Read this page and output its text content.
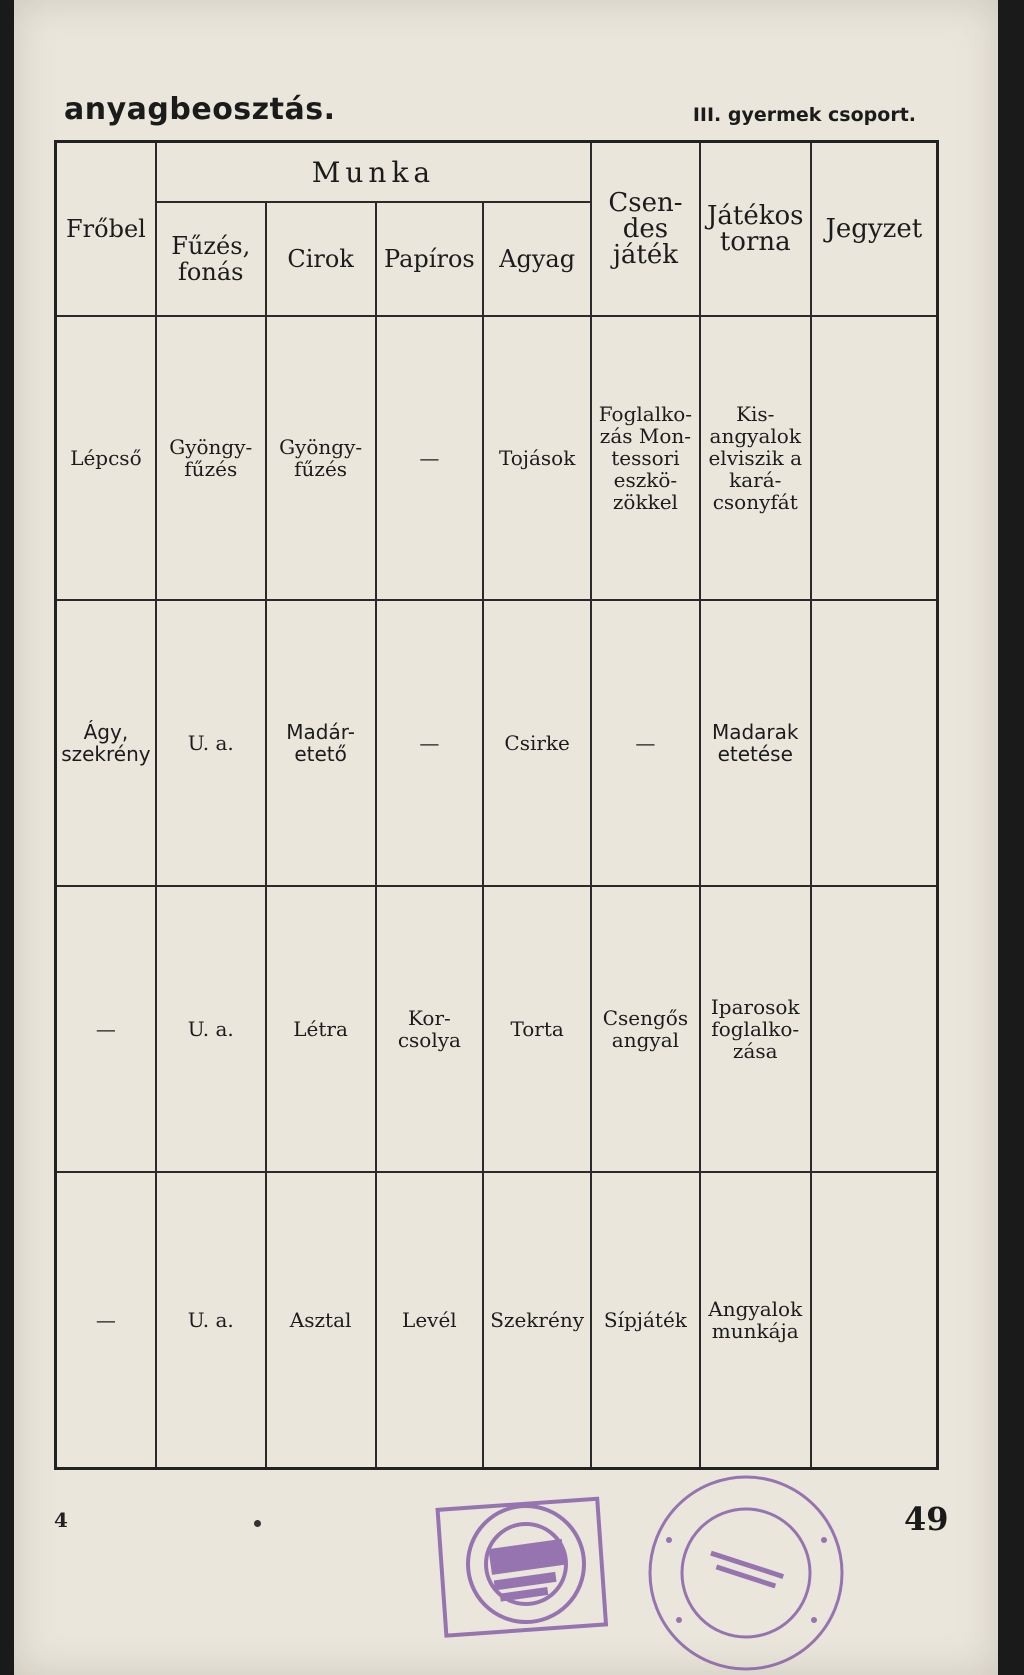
anyagbeosztás.	III. gyermek csoport.
Frőbel	Munka				Csen-des játék	Játékos torna	Jegyzet
	Fűzés, fonás	Cirok	Papíros	Agyag			
Lépcső	Gyöngy-fűzés	Gyöngy-fűzés	—	Tojások	Foglalko-zás Mon-tessori eszkö-zökkel	Kis-angyalok elviszik a kará-csonyfát	
Ágy, szekrény	U. a.	Madár-etető	—	Csirke	—	Madarak etetése	
—	U. a.	Létra	Kor-csolya	Torta	Csengős angyal	Iparosok foglalko-zása	
—	U. a.	Asztal	Levél	Szekrény	Sípjáték	Angyalok munkája	
4	49
